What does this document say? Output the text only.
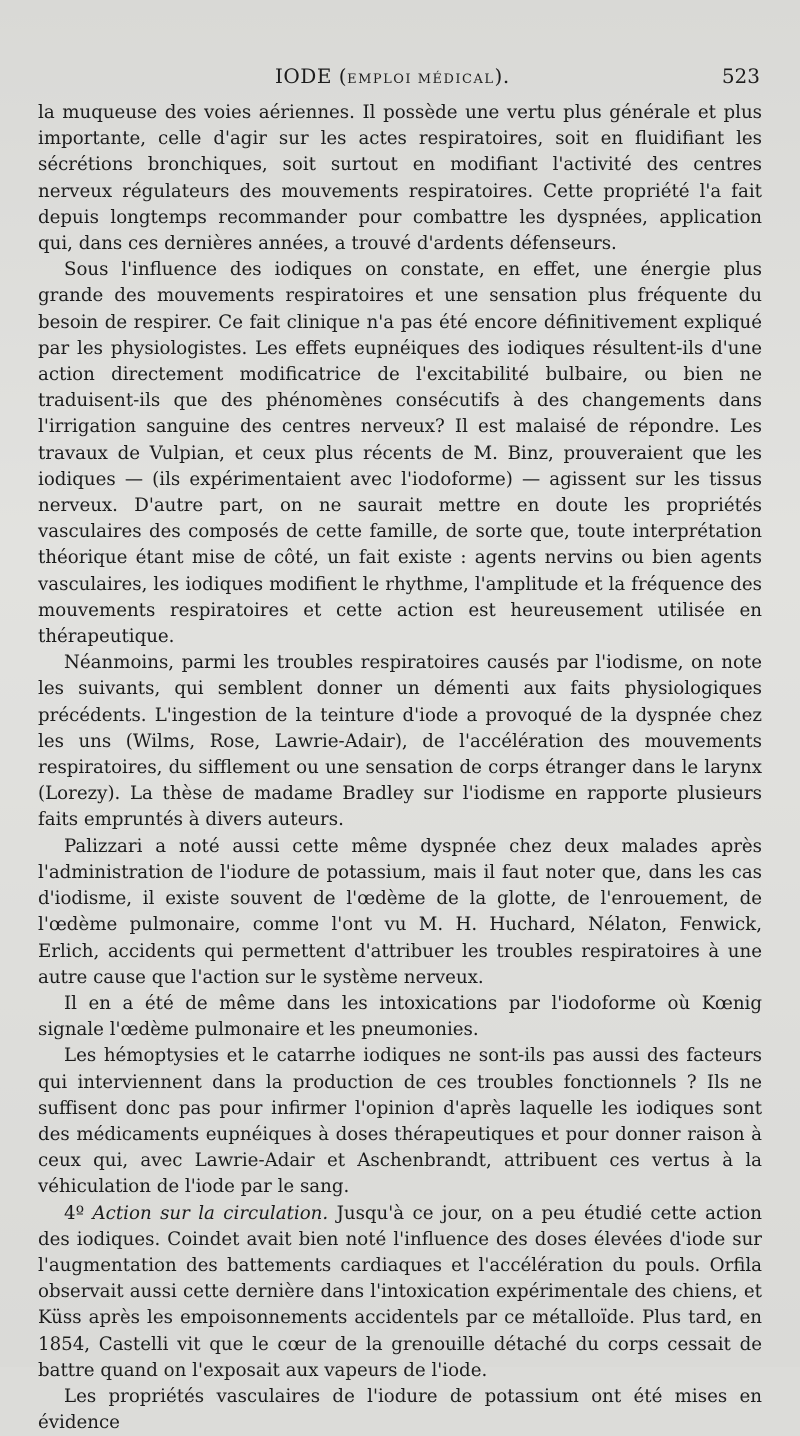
IODE (EMPLOI MÉDICAL).	523

la muqueuse des voies aériennes. Il possède une vertu plus générale et plus importante, celle d'agir sur les actes respiratoires, soit en fluidifiant les sécrétions bronchiques, soit surtout en modifiant l'activité des centres nerveux régulateurs des mouvements respiratoires. Cette propriété l'a fait depuis longtemps recommander pour combattre les dyspnées, application qui, dans ces dernières années, a trouvé d'ardents défenseurs.

Sous l'influence des iodiques on constate, en effet, une énergie plus grande des mouvements respiratoires et une sensation plus fréquente du besoin de respirer. Ce fait clinique n'a pas été encore définitivement expliqué par les physiologistes. Les effets eupnéiques des iodiques résultent-ils d'une action directement modificatrice de l'excitabilité bulbaire, ou bien ne traduisent-ils que des phénomènes consécutifs à des changements dans l'irrigation sanguine des centres nerveux? Il est malaisé de répondre. Les travaux de Vulpian, et ceux plus récents de M. Binz, prouveraient que les iodiques — (ils expérimentaient avec l'iodoforme) — agissent sur les tissus nerveux. D'autre part, on ne saurait mettre en doute les propriétés vasculaires des composés de cette famille, de sorte que, toute interprétation théorique étant mise de côté, un fait existe : agents nervins ou bien agents vasculaires, les iodiques modifient le rhythme, l'amplitude et la fréquence des mouvements respiratoires et cette action est heureusement utilisée en thérapeutique.

Néanmoins, parmi les troubles respiratoires causés par l'iodisme, on note les suivants, qui semblent donner un démenti aux faits physiologiques précédents. L'ingestion de la teinture d'iode a provoqué de la dyspnée chez les uns (Wilms, Rose, Lawrie-Adair), de l'accélération des mouvements respiratoires, du sifflement ou une sensation de corps étranger dans le larynx (Lorezy). La thèse de madame Bradley sur l'iodisme en rapporte plusieurs faits empruntés à divers auteurs.

Palizzari a noté aussi cette même dyspnée chez deux malades après l'administration de l'iodure de potassium, mais il faut noter que, dans les cas d'iodisme, il existe souvent de l'œdème de la glotte, de l'enrouement, de l'œdème pulmonaire, comme l'ont vu M. H. Huchard, Nélaton, Fenwick, Erlich, accidents qui permettent d'attribuer les troubles respiratoires à une autre cause que l'action sur le système nerveux.

Il en a été de même dans les intoxications par l'iodoforme où Kœnig signale l'œdème pulmonaire et les pneumonies.

Les hémoptysies et le catarrhe iodiques ne sont-ils pas aussi des facteurs qui interviennent dans la production de ces troubles fonctionnels ? Ils ne suffisent donc pas pour infirmer l'opinion d'après laquelle les iodiques sont des médicaments eupnéiques à doses thérapeutiques et pour donner raison à ceux qui, avec Lawrie-Adair et Aschenbrandt, attribuent ces vertus à la véhiculation de l'iode par le sang.

4º Action sur la circulation. Jusqu'à ce jour, on a peu étudié cette action des iodiques. Coindet avait bien noté l'influence des doses élevées d'iode sur l'augmentation des battements cardiaques et l'accélération du pouls. Orfila observait aussi cette dernière dans l'intoxication expérimentale des chiens, et Küss après les empoisonnements accidentels par ce métalloïde. Plus tard, en 1854, Castelli vit que le cœur de la grenouille détaché du corps cessait de battre quand on l'exposait aux vapeurs de l'iode.

Les propriétés vasculaires de l'iodure de potassium ont été mises en évidence
